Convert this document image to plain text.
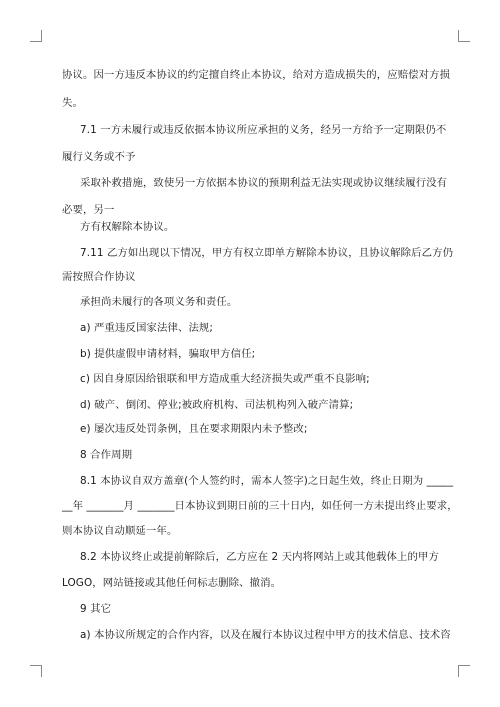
协议。因一方违反本协议的约定擅自终止本协议，给对方造成损失的，应赔偿对方损
失。
7.1 一方未履行或违反依据本协议所应承担的义务，经另一方给予一定期限仍不
履行义务或不予
采取补救措施，致使另一方依据本协议的预期利益无法实现或协议继续履行没有
必要，另一
方有权解除本协议。
7.11 乙方如出现以下情况，甲方有权立即单方解除本协议，且协议解除后乙方仍
需按照合作协议
承担尚未履行的各项义务和责任。
a) 严重违反国家法律、法规;
b) 提供虚假申请材料，骗取甲方信任;
c) 因自身原因给银联和甲方造成重大经济损失或严重不良影响;
d) 破产、倒闭、停业;被政府机构、司法机构列入破产清算;
e) 屡次违反处罚条例，且在要求期限内未予整改;
8 合作周期
8.1 本协议自双方盖章(个人签约时，需本人签字)之日起生效，终止日期为 _____
__年 _______月 _______日本协议到期日前的三十日内，如任何一方未提出终止要求，
则本协议自动顺延一年。
8.2 本协议终止或提前解除后，乙方应在 2 天内将网站上或其他载体上的甲方
LOGO，网站链接或其他任何标志删除、撤消。
9 其它
a) 本协议所规定的合作内容，以及在履行本协议过程中甲方的技术信息、技术咨
